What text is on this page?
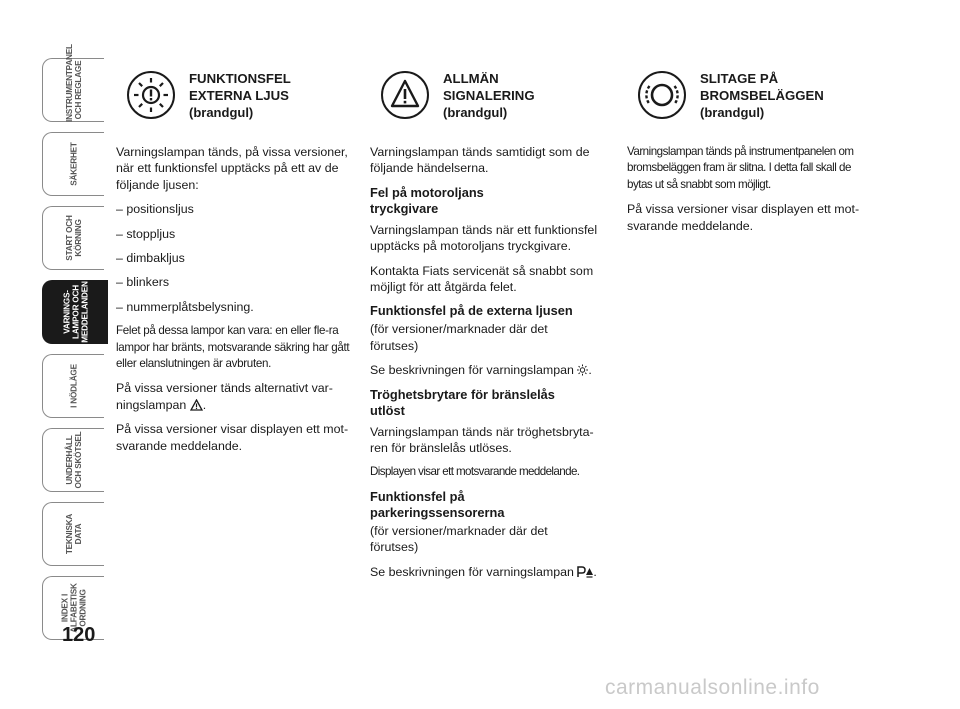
INSTRUMENTPANEL
OCH REGLAGE
SÄKERHET
START OCH
KÖRNING
VARNINGS-
LAMPOR OCH
MEDDELANDEN
I NÖDLÄGE
UNDERHÅLL
OCH SKÖTSEL
TEKNISKA
DATA
INDEX I
ALFABETISK
ORDNING
120
FUNKTIONSFEL
EXTERNA LJUS
(brandgul)

Varningslampan tänds, på vissa versioner, när ett funktionsfel upptäcks på ett av de följande ljusen:

– positionsljus

– stoppljus

– dimbakljus

– blinkers

– nummerplåtsbelysning.

Felet på dessa lampor kan vara: en eller fle-ra lampor har bränts, motsvarande säkring har gått eller elanslutningen är avbruten.

På vissa versioner tänds alternativt var-ningslampan .

På vissa versioner visar displayen ett mot-svarande meddelande.

ALLMÄN
SIGNALERING
(brandgul)

Varningslampan tänds samtidigt som de följande händelserna.

Fel på motoroljans
tryckgivare

Varningslampan tänds när ett funktionsfel upptäcks på motoroljans tryckgivare.

Kontakta Fiats servicenät så snabbt som möjligt för att åtgärda felet.

Funktionsfel på de externa ljusen

(för versioner/marknader där det
förutses)

Se beskrivningen för varningslampan .

Tröghetsbrytare för bränslelås
utlöst

Varningslampan tänds när tröghetsbryta-ren för bränslelås utlöses.

Displayen visar ett motsvarande meddelande.

Funktionsfel på
parkeringssensorerna

(för versioner/marknader där det
förutses)

Se beskrivningen för varningslampan .

SLITAGE PÅ
BROMSBELÄGGEN
(brandgul)

Varningslampan tänds på instrumentpanelen om bromsbeläggen fram är slitna. I detta fall skall de bytas ut så snabbt som möjligt.

På vissa versioner visar displayen ett mot-svarande meddelande.

carmanualsonline.info
